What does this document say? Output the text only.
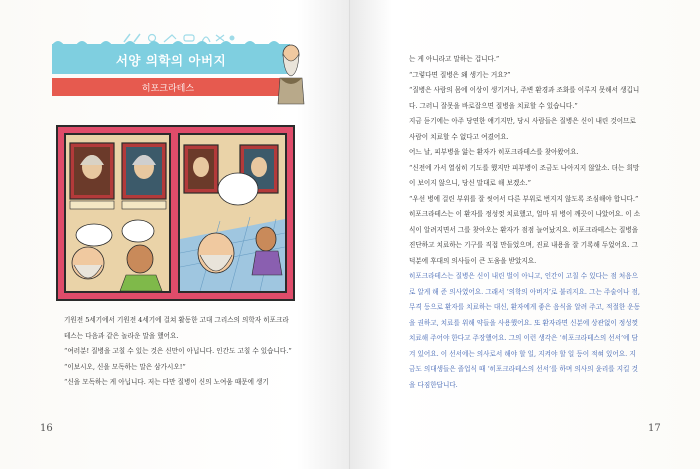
서양 의학의 아버지
히포크라테스

기원전 5세기에서 기원전 4세기에 걸쳐 활동한 고대 그리스의 의학자 히포크라테스는 다음과 같은 놀라운 말을 했어요.

“여러분! 질병을 고칠 수 있는 것은 신만이 아닙니다. 인간도 고칠 수 있습니다.”

“이보시오, 신을 모독하는 말은 삼가시오!”

“신을 모독하는 게 아닙니다. 저는 다만 질병이 신의 노여움 때문에 생기

16

는 게 아니라고 말하는 겁니다.”

“그렇다면 질병은 왜 생기는 거요?”

“질병은 사람의 몸에 이상이 생기거나, 주변 환경과 조화를 이루지 못해서 생깁니다. 그러니 잘못을 바로잡으면 질병을 치료할 수 있습니다.”

지금 듣기에는 아주 당연한 얘기지만, 당시 사람들은 질병은 신이 내린 것이므로 사람이 치료할 수 없다고 여겼어요.

어느 날, 피부병을 앓는 환자가 히포크라테스를 찾아왔어요.

“신전에 가서 열심히 기도를 했지만 피부병이 조금도 나아지지 않았소. 더는 희망이 보이지 않으니, 당신 말대로 해 보겠소.”

“우선 병에 걸린 부위를 잘 씻어서 다른 부위로 번지지 않도록 조심해야 합니다.”

히포크라테스는 이 환자를 정성껏 치료했고, 얼마 뒤 병이 깨끗이 나았어요. 이 소식이 알려지면서 그를 찾아오는 환자가 점점 늘어났지요. 히포크라테스는 질병을 진단하고 치료하는 기구를 직접 만들었으며, 진료 내용을 잘 기록해 두었어요. 그 덕분에 후대의 의사들이 큰 도움을 받았지요.

히포크라테스는 질병은 신이 내린 벌이 아니고, 인간이 고칠 수 있다는 점 처음으로 알게 해 준 의사였어요. 그래서 ‘의학의 아버지’로 불리지요. 그는 주술이나 점, 무격 등으로 환자를 치료하는 대신, 환자에게 좋은 음식을 알려 주고, 적절한 운동을 권하고, 치료를 위해 약들을 사용했어요. 또 환자라면 신분에 상관없이 정성껏 치료해 주어야 한다고 주장했어요. 그의 이런 생각은 ‘히포크라테스의 선서’에 담겨 있어요. 이 선서에는 의사로서 해야 할 일, 지켜야 할 일 등이 적혀 있어요. 지금도 의대생들은 졸업식 때 ‘히포크라테스의 선서’를 하며 의사의 윤리를 지킬 것을 다짐한답니다.

17
